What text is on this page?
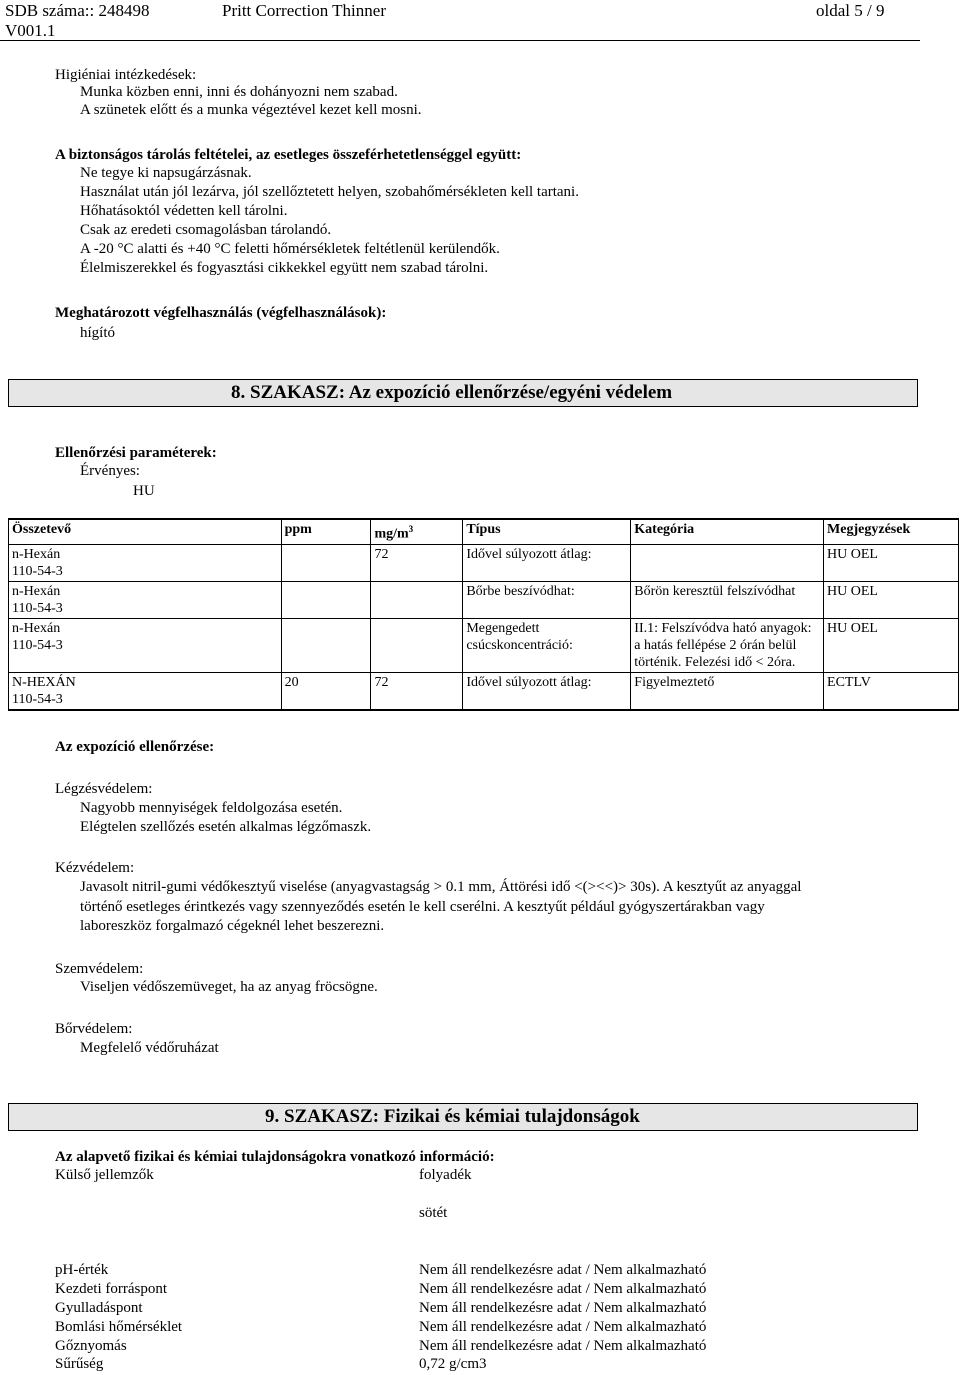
SDB száma:: 248498
V001.1
Pritt Correction Thinner	oldal 5 / 9
Higiéniai intézkedések:
Munka közben enni, inni és dohányozni nem szabad.
A szünetek előtt és a munka végeztével kezet kell mosni.
A biztonságos tárolás feltételei, az esetleges összeférhetetlenséggel együtt:
Ne tegye ki napsugárzásnak.
Használat után jól lezárva, jól szellőztetett helyen, szobahőmérsékleten kell tartani.
Hőhatásoktól védetten kell tárolni.
Csak az eredeti csomagolásban tárolandó.
A -20 °C alatti és +40 °C feletti hőmérsékletek feltétlenül kerülendők.
Élelmiszerekkel és fogyasztási cikkekkel együtt nem szabad tárolni.
Meghatározott végfelhasználás (végfelhasználások):
hígító
8. SZAKASZ: Az expozíció ellenőrzése/egyéni védelem
Ellenőrzési paraméterek:
Érvényes:
HU
Összetevő	ppm	$mg/m^3$	Típus	Kategória	Megjegyzések

n-Hexán
110-54-3		72	Idővel súlyozott átlag:		HU OEL

n-Hexán
110-54-3			Bőrbe beszívódhat:	Bőrön keresztül felszívódhat	HU OEL

n-Hexán
110-54-3			Megengedett csúcskoncentráció:	II.1: Felszívódva ható anyagok: a hatás fellépése 2 órán belül történik. Felezési idő < 2óra.	HU OEL

N-HEXÁN
110-54-3	20	72	Idővel súlyozott átlag:	Figyelmeztető	ECTLV
Az expozíció ellenőrzése:
Légzésvédelem:
Nagyobb mennyiségek feldolgozása esetén.
Elégtelen szellőzés esetén alkalmas légzőmaszk.
Kézvédelem:
Javasolt nitril-gumi védőkesztyű viselése (anyagvastagság > 0.1 mm, Áttörési idő <(><<)> 30s). A kesztyűt az anyaggal
történő esetleges érintkezés vagy szennyeződés esetén le kell cserélni. A kesztyűt például gyógyszertárakban vagy
laboreszköz forgalmazó cégeknél lehet beszerezni.
Szemvédelem:
Viseljen védőszemüveget, ha az anyag fröcsögne.
Bőrvédelem:
Megfelelő védőruházat
9. SZAKASZ: Fizikai és kémiai tulajdonságok
Az alapvető fizikai és kémiai tulajdonságokra vonatkozó információ:
Külső jellemzők	folyadék
sötét
pH-érték	Nem áll rendelkezésre adat / Nem alkalmazható
Kezdeti forráspont	Nem áll rendelkezésre adat / Nem alkalmazható
Gyulladáspont	Nem áll rendelkezésre adat / Nem alkalmazható
Bomlási hőmérséklet	Nem áll rendelkezésre adat / Nem alkalmazható
Gőznyomás	Nem áll rendelkezésre adat / Nem alkalmazható
Sűrűség	0,72 g/cm3
